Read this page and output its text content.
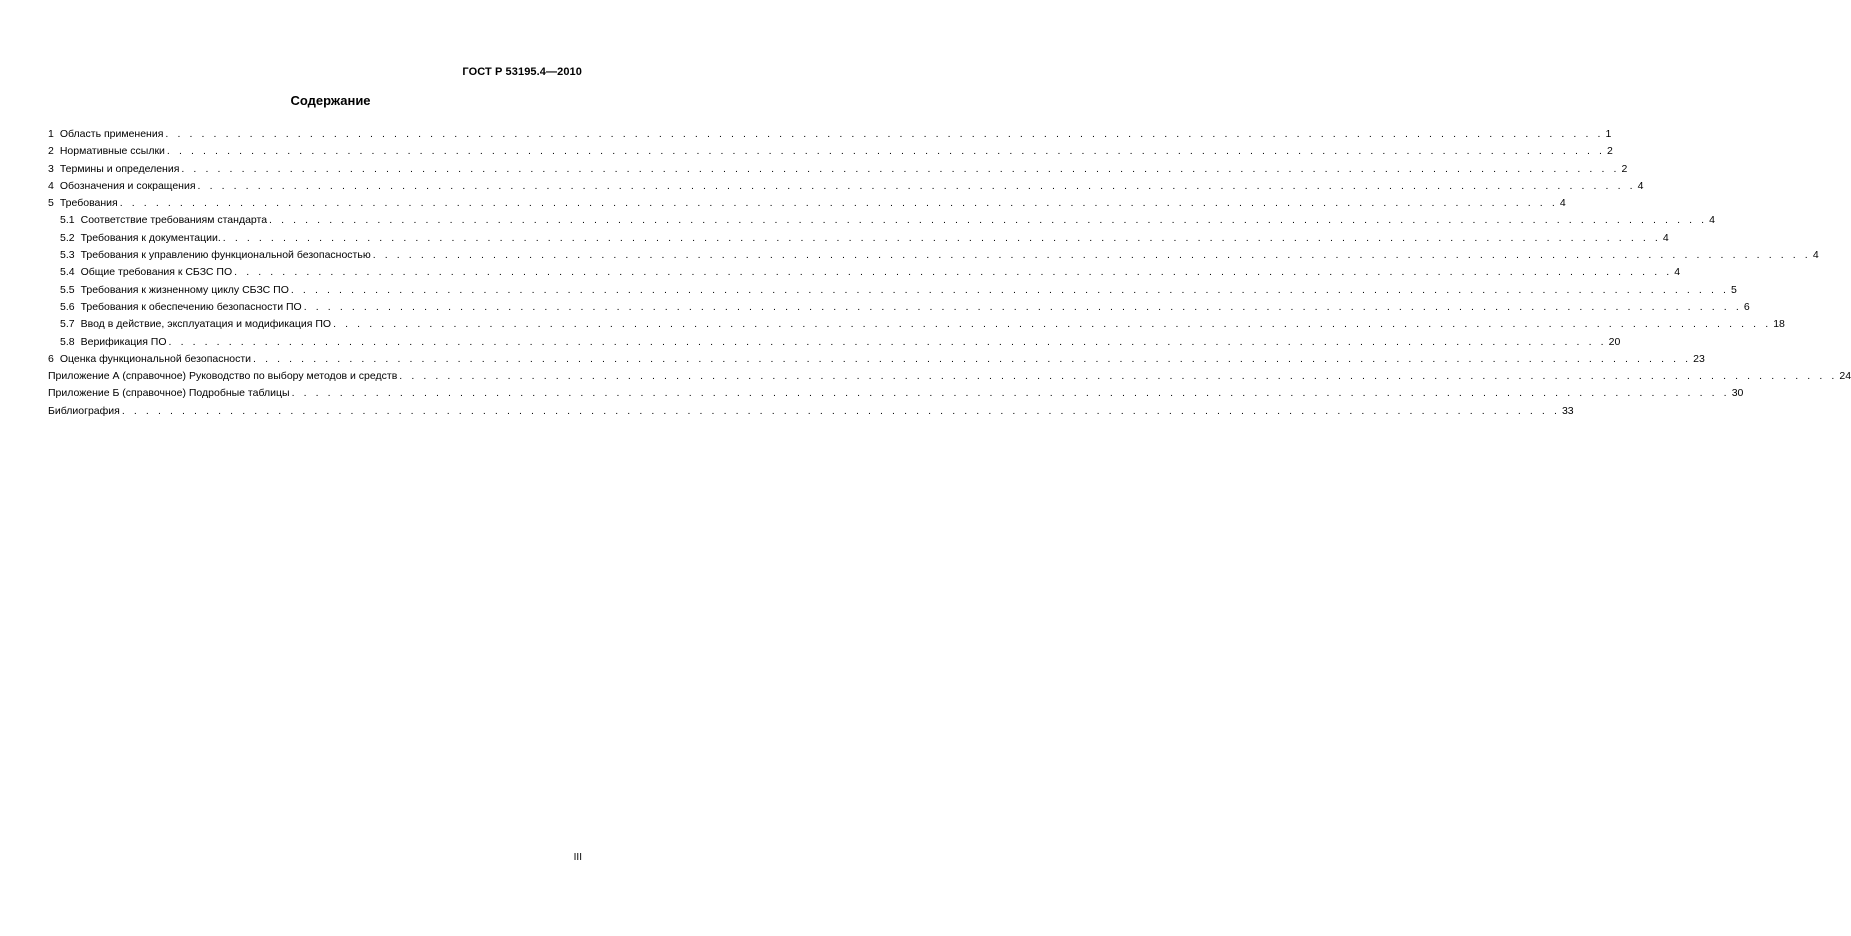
ГОСТ Р 53195.4—2010
Содержание
1 Область применения . . . . . . . . . . . . . . . . . . . . . . . . . . . . . . . . . . . . . . . . . . . . . . . . . . . . . . . . . . . . . . . . . . . . . . . . . . . . . . . . . . . . . . . . . . . . . . . . . . . . . . . . . . . . . . . . . . . . . . . . 1
2 Нормативные ссылки . . . . . . . . . . . . . . . . . . . . . . . . . . . . . . . . . . . . . . . . . . . . . . . . . . . . . . . . . . . . . . . . . . . . . . . . . . . . . . . . . . . . . . . . . . . . . . . . . . . . . . . . . . . . . . . . . . . . . . . . 2
3 Термины и определения . . . . . . . . . . . . . . . . . . . . . . . . . . . . . . . . . . . . . . . . . . . . . . . . . . . . . . . . . . . . . . . . . . . . . . . . . . . . . . . . . . . . . . . . . . . . . . . . . . . . . . . . . . . . . . . . . . . . . . . . 2
4 Обозначения и сокращения . . . . . . . . . . . . . . . . . . . . . . . . . . . . . . . . . . . . . . . . . . . . . . . . . . . . . . . . . . . . . . . . . . . . . . . . . . . . . . . . . . . . . . . . . . . . . . . . . . . . . . . . . . . . . . . . . . . . . . . . 4
5 Требования . . . . . . . . . . . . . . . . . . . . . . . . . . . . . . . . . . . . . . . . . . . . . . . . . . . . . . . . . . . . . . . . . . . . . . . . . . . . . . . . . . . . . . . . . . . . . . . . . . . . . . . . . . . . . . . . . . . . . . . . 4
5.1 Соответствие требованиям стандарта . . . . . . . . . . . . . . . . . . . . . . . . . . . . . . . . . . . . . . . . . . . . . . . . . . . . . . . . . . . . . . . . . . . . . . . . . . . . . . . . . . . . . . . . . . . . . . . . . . . . . . . . . . . . . . . . . . . . . . . . 4
5.2 Требования к документации. . . . . . . . . . . . . . . . . . . . . . . . . . . . . . . . . . . . . . . . . . . . . . . . . . . . . . . . . . . . . . . . . . . . . . . . . . . . . . . . . . . . . . . . . . . . . . . . . . . . . . . . . . . . . . . . . . . . . . . . . 4
5.3 Требования к управлению функциональной безопасностью . . . . . . . . . . . . . . . . . . . . . . . . . . . . . . . . . . . . . . . . . . . . . . . . . . . . . . . . . . . . . . . . . . . . . . . . . . . . . . . . . . . . . . . . . . . . . . . . . . . . . . . . . . . . . . . . . . . . . . . . 4
5.4 Общие требования к СБЗС ПО . . . . . . . . . . . . . . . . . . . . . . . . . . . . . . . . . . . . . . . . . . . . . . . . . . . . . . . . . . . . . . . . . . . . . . . . . . . . . . . . . . . . . . . . . . . . . . . . . . . . . . . . . . . . . . . . . . . . . . . . 4
5.5 Требования к жизненному циклу СБЗС ПО . . . . . . . . . . . . . . . . . . . . . . . . . . . . . . . . . . . . . . . . . . . . . . . . . . . . . . . . . . . . . . . . . . . . . . . . . . . . . . . . . . . . . . . . . . . . . . . . . . . . . . . . . . . . . . . . . . . . . . . . 5
5.6 Требования к обеспечению безопасности ПО . . . . . . . . . . . . . . . . . . . . . . . . . . . . . . . . . . . . . . . . . . . . . . . . . . . . . . . . . . . . . . . . . . . . . . . . . . . . . . . . . . . . . . . . . . . . . . . . . . . . . . . . . . . . . . . . . . . . . . . . 6
5.7 Ввод в действие, эксплуатация и модификация ПО . . . . . . . . . . . . . . . . . . . . . . . . . . . . . . . . . . . . . . . . . . . . . . . . . . . . . . . . . . . . . . . . . . . . . . . . . . . . . . . . . . . . . . . . . . . . . . . . . . . . . . . . . . . . . . . . . . . . . . . . 18
5.8 Верификация ПО . . . . . . . . . . . . . . . . . . . . . . . . . . . . . . . . . . . . . . . . . . . . . . . . . . . . . . . . . . . . . . . . . . . . . . . . . . . . . . . . . . . . . . . . . . . . . . . . . . . . . . . . . . . . . . . . . . . . . . . . 20
6 Оценка функциональной безопасности . . . . . . . . . . . . . . . . . . . . . . . . . . . . . . . . . . . . . . . . . . . . . . . . . . . . . . . . . . . . . . . . . . . . . . . . . . . . . . . . . . . . . . . . . . . . . . . . . . . . . . . . . . . . . . . . . . . . . . . . 23
Приложение А (справочное) Руководство по выбору методов и средств . . . . . . . . . . . . . . . . . . . . . . . . . . . . . . . . . . . . . . . . . . . . . . . . . . . . . . . . . . . . . . . . . . . . . . . . . . . . . . . . . . . . . . . . . . . . . . . . . . . . . . . . . . . . . . . . . . . . . . . . 24
Приложение Б (справочное) Подробные таблицы . . . . . . . . . . . . . . . . . . . . . . . . . . . . . . . . . . . . . . . . . . . . . . . . . . . . . . . . . . . . . . . . . . . . . . . . . . . . . . . . . . . . . . . . . . . . . . . . . . . . . . . . . . . . . . . . . . . . . . . . 30
Библиография . . . . . . . . . . . . . . . . . . . . . . . . . . . . . . . . . . . . . . . . . . . . . . . . . . . . . . . . . . . . . . . . . . . . . . . . . . . . . . . . . . . . . . . . . . . . . . . . . . . . . . . . . . . . . . . . . . . . . . . . 33
III
